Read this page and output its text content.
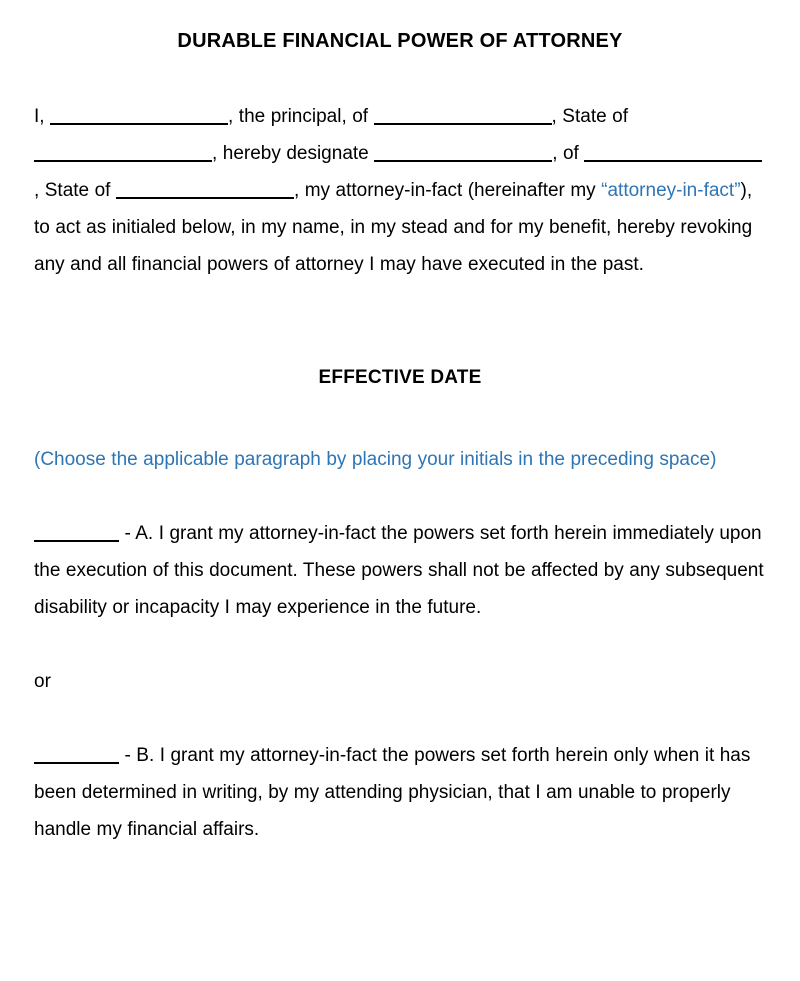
DURABLE FINANCIAL POWER OF ATTORNEY

I,	, the principal, of	, State of , hereby designate	, of , State of	, my attorney-in-fact (hereinafter my “attorney-in-fact”), to act as initialed below, in my name, in my stead and for my benefit, hereby revoking any and all financial powers of attorney I may have executed in the past.

EFFECTIVE DATE

(Choose the applicable paragraph by placing your initials in the preceding space)

- A. I grant my attorney-in-fact the powers set forth herein immediately upon the execution of this document. These powers shall not be affected by any subsequent disability or incapacity I may experience in the future.

or

- B. I grant my attorney-in-fact the powers set forth herein only when it has been determined in writing, by my attending physician, that I am unable to properly handle my financial affairs.
